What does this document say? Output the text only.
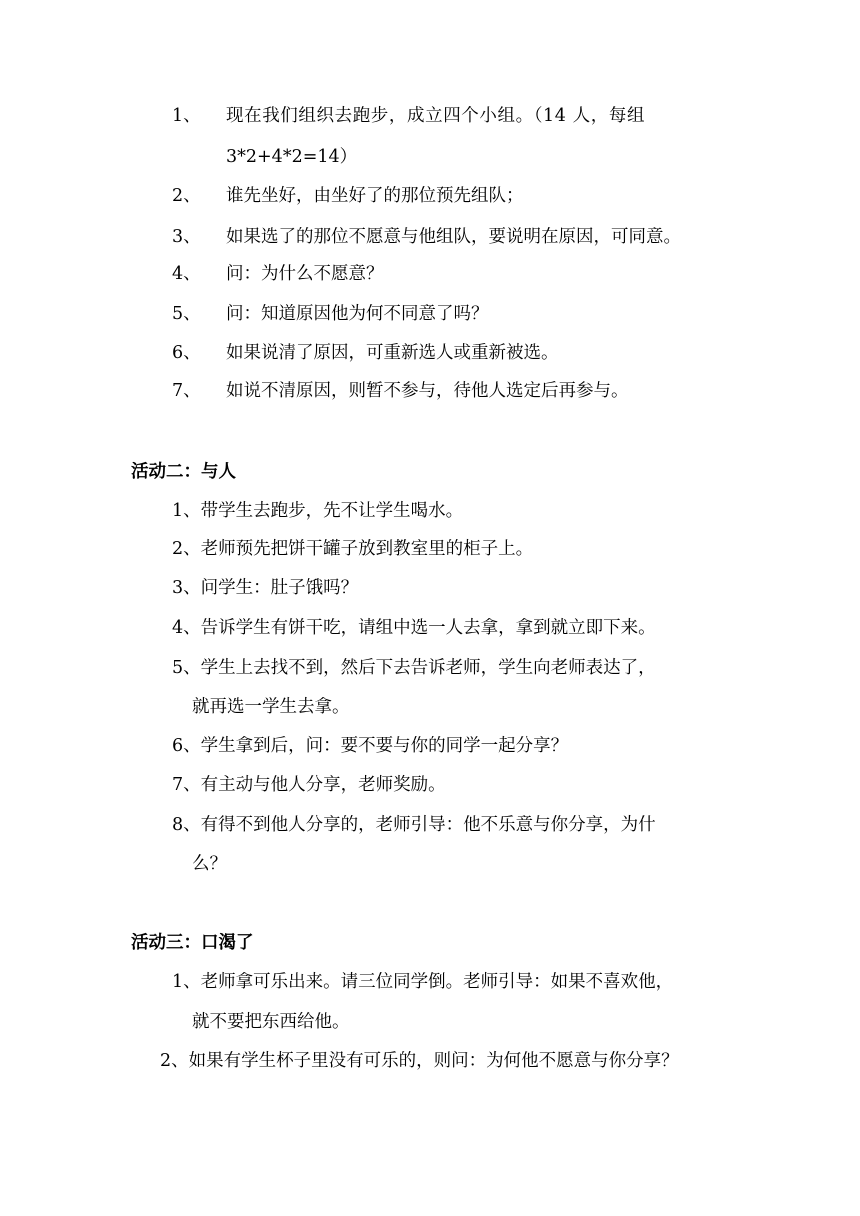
1、 现在我们组织去跑步，成立四个小组。（14 人，每组
3*2+4*2=14）
2、 谁先坐好，由坐好了的那位预先组队；
3、 如果选了的那位不愿意与他组队，要说明在原因，可同意。
4、 问：为什么不愿意？
5、 问：知道原因他为何不同意了吗？
6、 如果说清了原因，可重新选人或重新被选。
7、 如说不清原因，则暂不参与，待他人选定后再参与。
活动二：与人
1、带学生去跑步，先不让学生喝水。
2、老师预先把饼干罐子放到教室里的柜子上。
3、问学生：肚子饿吗？
4、告诉学生有饼干吃，请组中选一人去拿，拿到就立即下来。
5、学生上去找不到，然后下去告诉老师，学生向老师表达了，
就再选一学生去拿。
6、学生拿到后，问：要不要与你的同学一起分享？
7、有主动与他人分享，老师奖励。
8、有得不到他人分享的，老师引导：他不乐意与你分享，为什
么？
活动三：口渴了
1、老师拿可乐出来。请三位同学倒。老师引导：如果不喜欢他，
就不要把东西给他。
2、如果有学生杯子里没有可乐的，则问：为何他不愿意与你分享？
